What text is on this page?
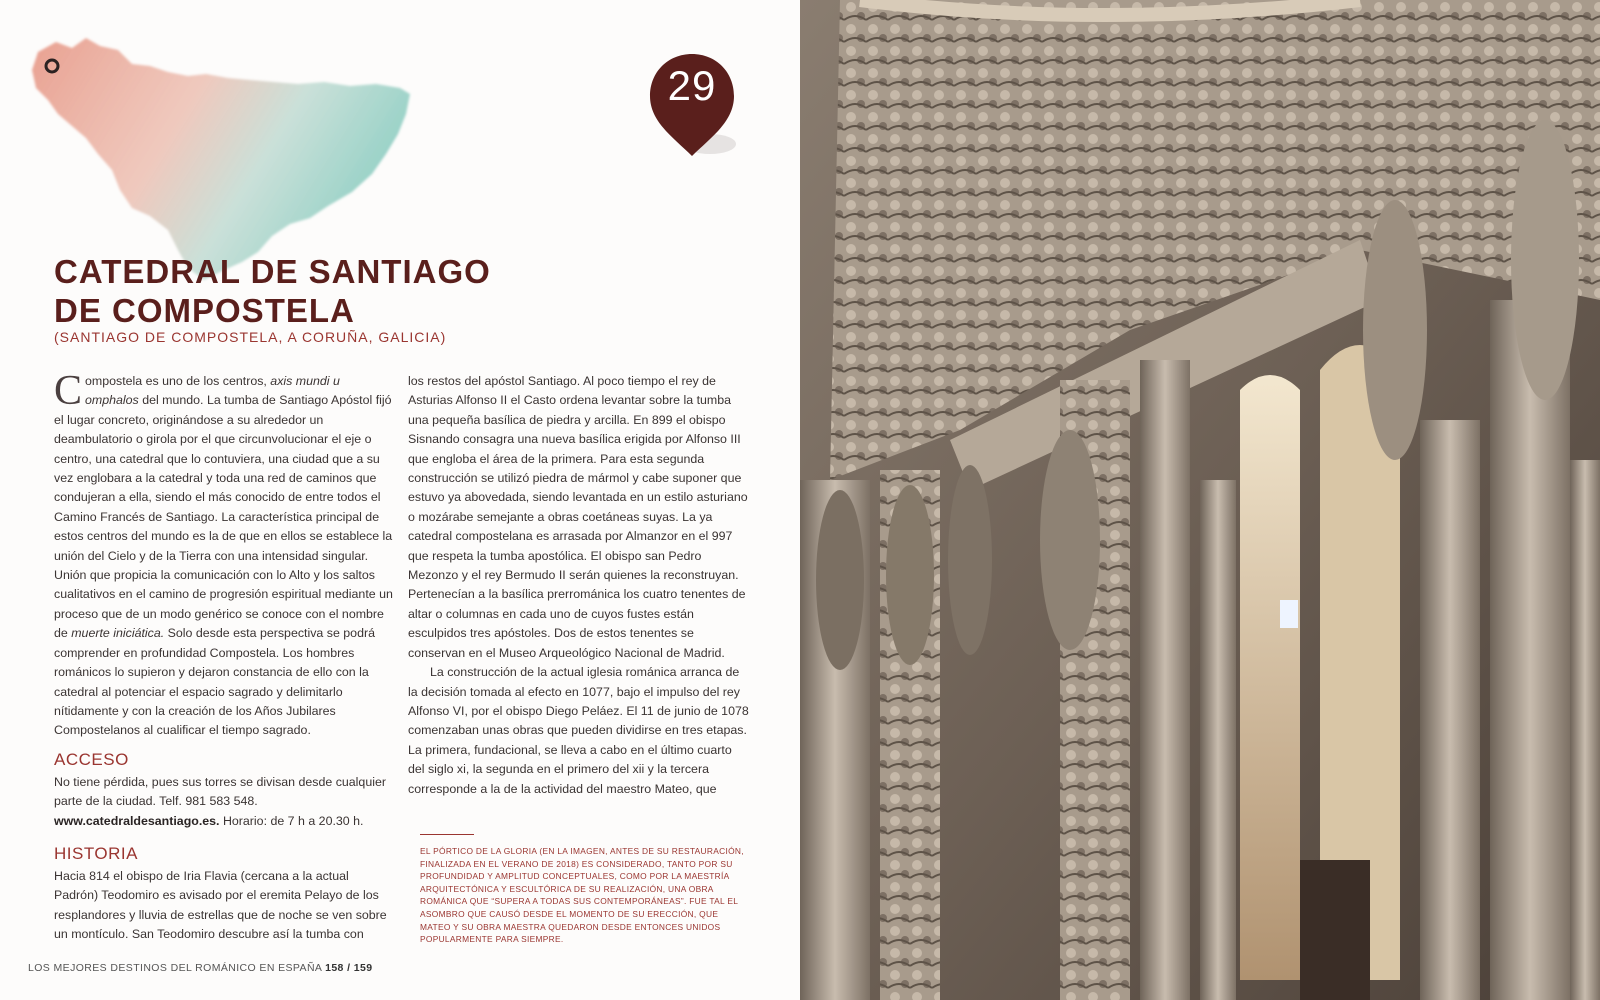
29
CATEDRAL DE SANTIAGO
DE COMPOSTELA
(SANTIAGO DE COMPOSTELA, A CORUÑA, GALICIA)
Compostela es uno de los centros, axis mundi u omphalos del mundo. La tumba de Santiago Apóstol fijó el lugar concreto, originándose a su alrededor un deambulatorio o girola por el que circunvolucionar el eje o centro, una catedral que lo contuviera, una ciudad que a su vez englobara a la catedral y toda una red de caminos que condujeran a ella, siendo el más conocido de entre todos el Camino Francés de Santiago. La característica principal de estos centros del mundo es la de que en ellos se establece la unión del Cielo y de la Tierra con una intensidad singular. Unión que propicia la comunicación con lo Alto y los saltos cualitativos en el camino de progresión espiritual mediante un proceso que de un modo genérico se conoce con el nombre de muerte iniciática. Solo desde esta perspectiva se podrá comprender en profundidad Compostela. Los hombres románicos lo supieron y dejaron constancia de ello con la catedral al potenciar el espacio sagrado y delimitarlo nítidamente y con la creación de los Años Jubilares Compostelanos al cualificar el tiempo sagrado.
ACCESO
No tiene pérdida, pues sus torres se divisan desde cualquier parte de la ciudad. Telf. 981 583 548.
www.catedraldesantiago.es. Horario: de 7 h a 20.30 h.
HISTORIA
Hacia 814 el obispo de Iria Flavia (cercana a la actual Padrón) Teodomiro es avisado por el eremita Pelayo de los resplandores y lluvia de estrellas que de noche se ven sobre un montículo. San Teodomiro descubre así la tumba con
los restos del apóstol Santiago. Al poco tiempo el rey de Asturias Alfonso II el Casto ordena levantar sobre la tumba una pequeña basílica de piedra y arcilla. En 899 el obispo Sisnando consagra una nueva basílica erigida por Alfonso III que engloba el área de la primera. Para esta segunda construcción se utilizó piedra de mármol y cabe suponer que estuvo ya abovedada, siendo levantada en un estilo asturiano o mozárabe semejante a obras coetáneas suyas. La ya catedral compostelana es arrasada por Almanzor en el 997 que respeta la tumba apostólica. El obispo san Pedro Mezonzo y el rey Bermudo II serán quienes la reconstruyan. Pertenecían a la basílica prerrománica los cuatro tenentes de altar o columnas en cada uno de cuyos fustes están esculpidos tres apóstoles. Dos de estos tenentes se conservan en el Museo Arqueológico Nacional de Madrid.
La construcción de la actual iglesia románica arranca de la decisión tomada al efecto en 1077, bajo el impulso del rey Alfonso VI, por el obispo Diego Peláez. El 11 de junio de 1078 comenzaban unas obras que pueden dividirse en tres etapas. La primera, fundacional, se lleva a cabo en el último cuarto del siglo xi, la segunda en el primero del xii y la tercera corresponde a la de la actividad del maestro Mateo, que
EL PÓRTICO DE LA GLORIA (EN LA IMAGEN, ANTES DE SU RESTAURACIÓN, FINALIZADA EN EL VERANO DE 2018) ES CONSIDERADO, TANTO POR SU PROFUNDIDAD Y AMPLITUD CONCEPTUALES, COMO POR LA MAESTRÍA ARQUITECTÓNICA Y ESCULTÓRICA DE SU REALIZACIÓN, UNA OBRA ROMÁNICA QUE “SUPERA A TODAS SUS CONTEMPORÁNEAS”. FUE TAL EL ASOMBRO QUE CAUSÓ DESDE EL MOMENTO DE SU ERECCIÓN, QUE MATEO Y SU OBRA MAESTRA QUEDARON DESDE ENTONCES UNIDOS POPULARMENTE PARA SIEMPRE.
LOS MEJORES DESTINOS DEL ROMÁNICO EN ESPAÑA 158 / 159
